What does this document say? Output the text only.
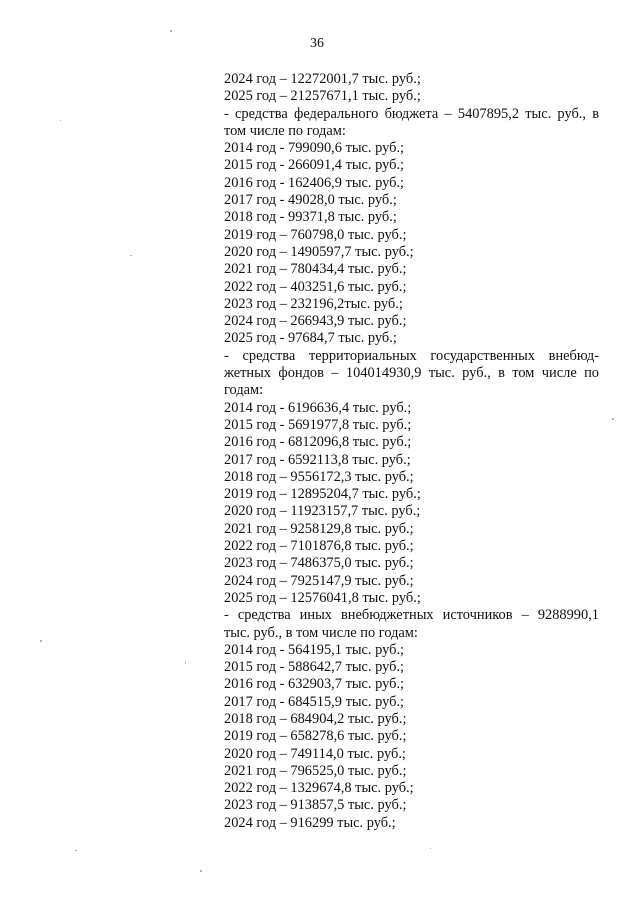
36
2024 год – 12272001,7 тыс. руб.;
2025 год – 21257671,1 тыс. руб.;
- средства федерального бюджета – 5407895,2 тыс. руб., в
том числе по годам:
2014 год - 799090,6 тыс. руб.;
2015 год - 266091,4 тыс. руб.;
2016 год - 162406,9 тыс. руб.;
2017 год - 49028,0 тыс. руб.;
2018 год - 99371,8 тыс. руб.;
2019 год – 760798,0 тыс. руб.;
2020 год – 1490597,7 тыс. руб.;
2021 год – 780434,4 тыс. руб.;
2022 год – 403251,6 тыс. руб.;
2023 год – 232196,2тыс. руб.;
2024 год – 266943,9 тыс. руб.;
2025 год - 97684,7 тыс. руб.;
- средства территориальных государственных внебюд-
жетных фондов – 104014930,9 тыс. руб., в том числе по
годам:
2014 год - 6196636,4 тыс. руб.;
2015 год - 5691977,8 тыс. руб.;
2016 год - 6812096,8 тыс. руб.;
2017 год - 6592113,8 тыс. руб.;
2018 год – 9556172,3 тыс. руб.;
2019 год – 12895204,7 тыс. руб.;
2020 год – 11923157,7 тыс. руб.;
2021 год – 9258129,8 тыс. руб.;
2022 год – 7101876,8 тыс. руб.;
2023 год – 7486375,0 тыс. руб.;
2024 год – 7925147,9 тыс. руб.;
2025 год – 12576041,8 тыс. руб.;
- средства иных внебюджетных источников – 9288990,1
тыс. руб., в том числе по годам:
2014 год - 564195,1 тыс. руб.;
2015 год - 588642,7 тыс. руб.;
2016 год - 632903,7 тыс. руб.;
2017 год - 684515,9 тыс. руб.;
2018 год – 684904,2 тыс. руб.;
2019 год – 658278,6 тыс. руб.;
2020 год – 749114,0 тыс. руб.;
2021 год – 796525,0 тыс. руб.;
2022 год – 1329674,8 тыс. руб.;
2023 год – 913857,5 тыс. руб.;
2024 год – 916299 тыс. руб.;
